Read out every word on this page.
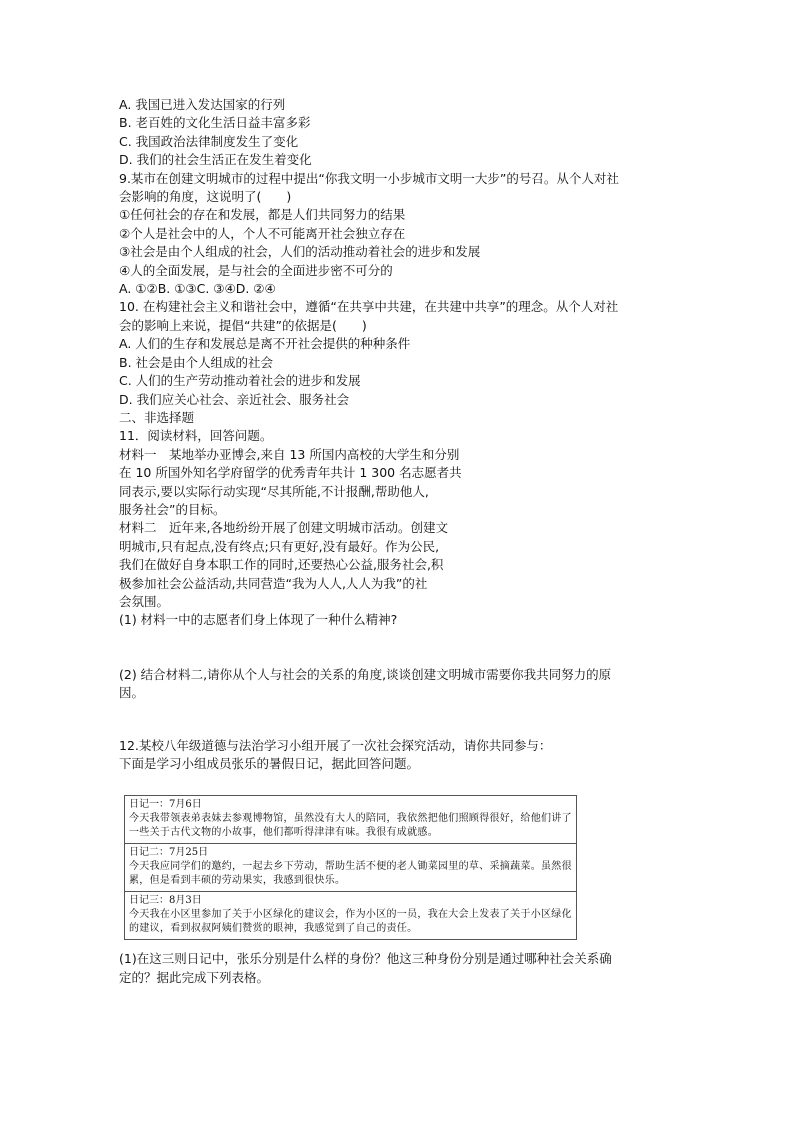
A. 我国已进入发达国家的行列
B. 老百姓的文化生活日益丰富多彩
C. 我国政治法律制度发生了变化
D. 我们的社会生活正在发生着变化
9.某市在创建文明城市的过程中提出“你我文明一小步城市文明一大步”的号召。从个人对社
会影响的角度，这说明了(　　)
①任何社会的存在和发展，都是人们共同努力的结果
②个人是社会中的人，个人不可能离开社会独立存在
③社会是由个人组成的社会，人们的活动推动着社会的进步和发展
④人的全面发展，是与社会的全面进步密不可分的
A. ①②B. ①③C. ③④D. ②④
10. 在构建社会主义和谐社会中，遵循“在共享中共建，在共建中共享”的理念。从个人对社
会的影响上来说，提倡“共建”的依据是(　　)
A. 人们的生存和发展总是离不开社会提供的种种条件
B. 社会是由个人组成的社会
C. 人们的生产劳动推动着社会的进步和发展
D. 我们应关心社会、亲近社会、服务社会
二、非选择题
11．阅读材料，回答问题。
材料一　某地举办亚博会,来自 13 所国内高校的大学生和分别
在 10 所国外知名学府留学的优秀青年共计 1 300 名志愿者共
同表示,要以实际行动实现“尽其所能,不计报酬,帮助他人,
服务社会”的目标。
材料二　近年来,各地纷纷开展了创建文明城市活动。创建文
明城市,只有起点,没有终点;只有更好,没有最好。作为公民,
我们在做好自身本职工作的同时,还要热心公益,服务社会,积
极参加社会公益活动,共同营造“我为人人,人人为我”的社
会氛围。
(1) 材料一中的志愿者们身上体现了一种什么精神?
(2) 结合材料二,请你从个人与社会的关系的角度,谈谈创建文明城市需要你我共同努力的原
因。
12.某校八年级道德与法治学习小组开展了一次社会探究活动，请你共同参与：
下面是学习小组成员张乐的暑假日记，据此回答问题。
日记一：7月6日
今天我带领表弟表妹去参观博物馆，虽然没有大人的陪同，我依然把他们照顾得很好，给他们讲了一些关于古代文物的小故事，他们都听得津津有味。我很有成就感。
日记二：7月25日
今天我应同学们的邀约，一起去乡下劳动，帮助生活不便的老人锄菜园里的草、采摘蔬菜。虽然很累，但是看到丰硕的劳动果实，我感到很快乐。
日记三：8月3日
今天我在小区里参加了关于小区绿化的建议会，作为小区的一员，我在大会上发表了关于小区绿化的建议，看到叔叔阿姨们赞赏的眼神，我感觉到了自己的责任。
(1)在这三则日记中，张乐分别是什么样的身份？他这三种身份分别是通过哪种社会关系确
定的？据此完成下列表格。
